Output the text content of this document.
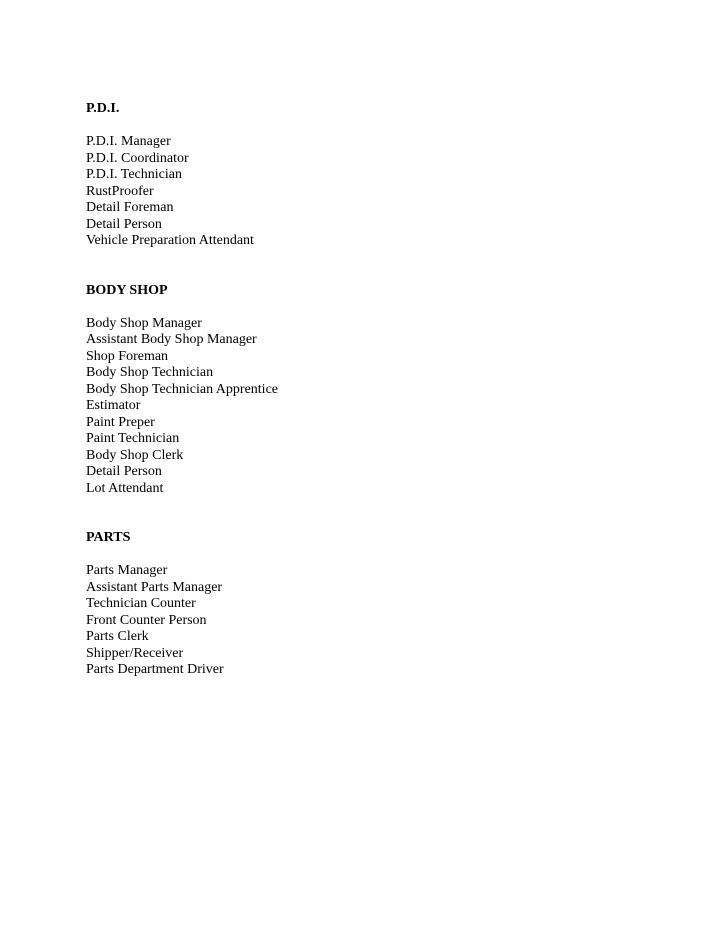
P.D.I.

P.D.I. Manager
P.D.I. Coordinator
P.D.I. Technician
RustProofer
Detail Foreman
Detail Person
Vehicle Preparation Attendant

BODY SHOP

Body Shop Manager
Assistant Body Shop Manager
Shop Foreman
Body Shop Technician
Body Shop Technician Apprentice
Estimator
Paint Preper
Paint Technician
Body Shop Clerk
Detail Person
Lot Attendant

PARTS

Parts Manager
Assistant Parts Manager
Technician Counter
Front Counter Person
Parts Clerk
Shipper/Receiver
Parts Department Driver
